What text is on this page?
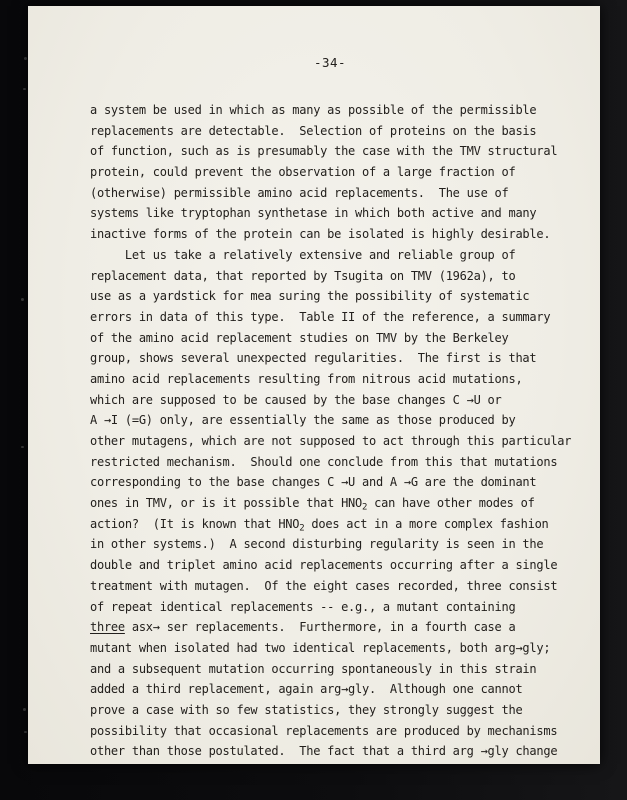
-34-
a system be used in which as many as possible of the permissible
replacements are detectable.  Selection of proteins on the basis
of function, such as is presumably the case with the TMV structural
protein, could prevent the observation of a large fraction of
(otherwise) permissible amino acid replacements.  The use of
systems like tryptophan synthetase in which both active and many
inactive forms of the protein can be isolated is highly desirable.
Let us take a relatively extensive and reliable group of
replacement data, that reported by Tsugita on TMV (1962a), to
use as a yardstick for mea suring the possibility of systematic
errors in data of this type.  Table II of the reference, a summary
of the amino acid replacement studies on TMV by the Berkeley
group, shows several unexpected regularities.  The first is that
amino acid replacements resulting from nitrous acid mutations,
which are supposed to be caused by the base changes C →U or
A →I (=G) only, are essentially the same as those produced by
other mutagens, which are not supposed to act through this particular
restricted mechanism.  Should one conclude from this that mutations
corresponding to the base changes C →U and A →G are the dominant
ones in TMV, or is it possible that $HNO_2$ can have other modes of
action?  (It is known that $HNO_2$ does act in a more complex fashion
in other systems.)  A second disturbing regularity is seen in the
double and triplet amino acid replacements occurring after a single
treatment with mutagen.  Of the eight cases recorded, three consist
of repeat identical replacements -- e.g., a mutant containing
three asx→ ser replacements.  Furthermore, in a fourth case a
mutant when isolated had two identical replacements, both arg→gly;
and a subsequent mutation occurring spontaneously in this strain
added a third replacement, again arg→gly.  Although one cannot
prove a case with so few statistics, they strongly suggest the
possibility that occasional replacements are produced by mechanisms
other than those postulated.  The fact that a third arg →gly change
